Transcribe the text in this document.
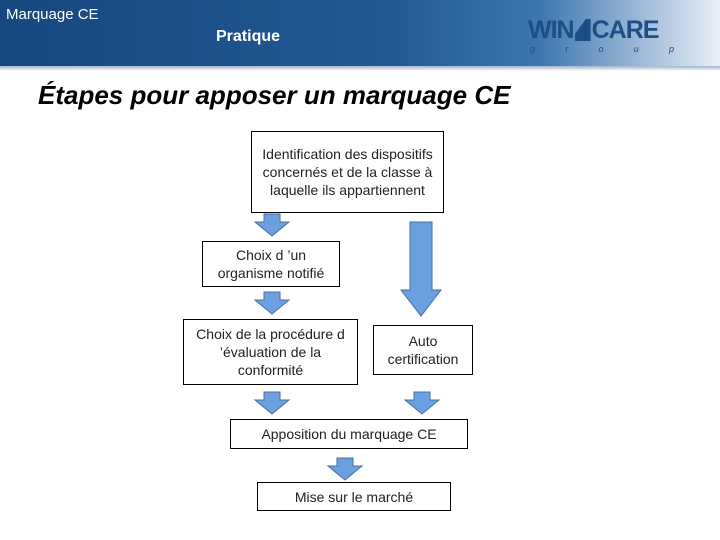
Marquage CE
Pratique	WIN CARE
g	r	o	u	p
Étapes pour apposer un marquage CE
Identification des dispositifs concernés et de la classe à laquelle ils appartiennent
Choix d ’un organisme notifié
Choix de la procédure d ’évaluation de la conformité
Auto certification
Apposition du marquage CE
Mise sur le marché
